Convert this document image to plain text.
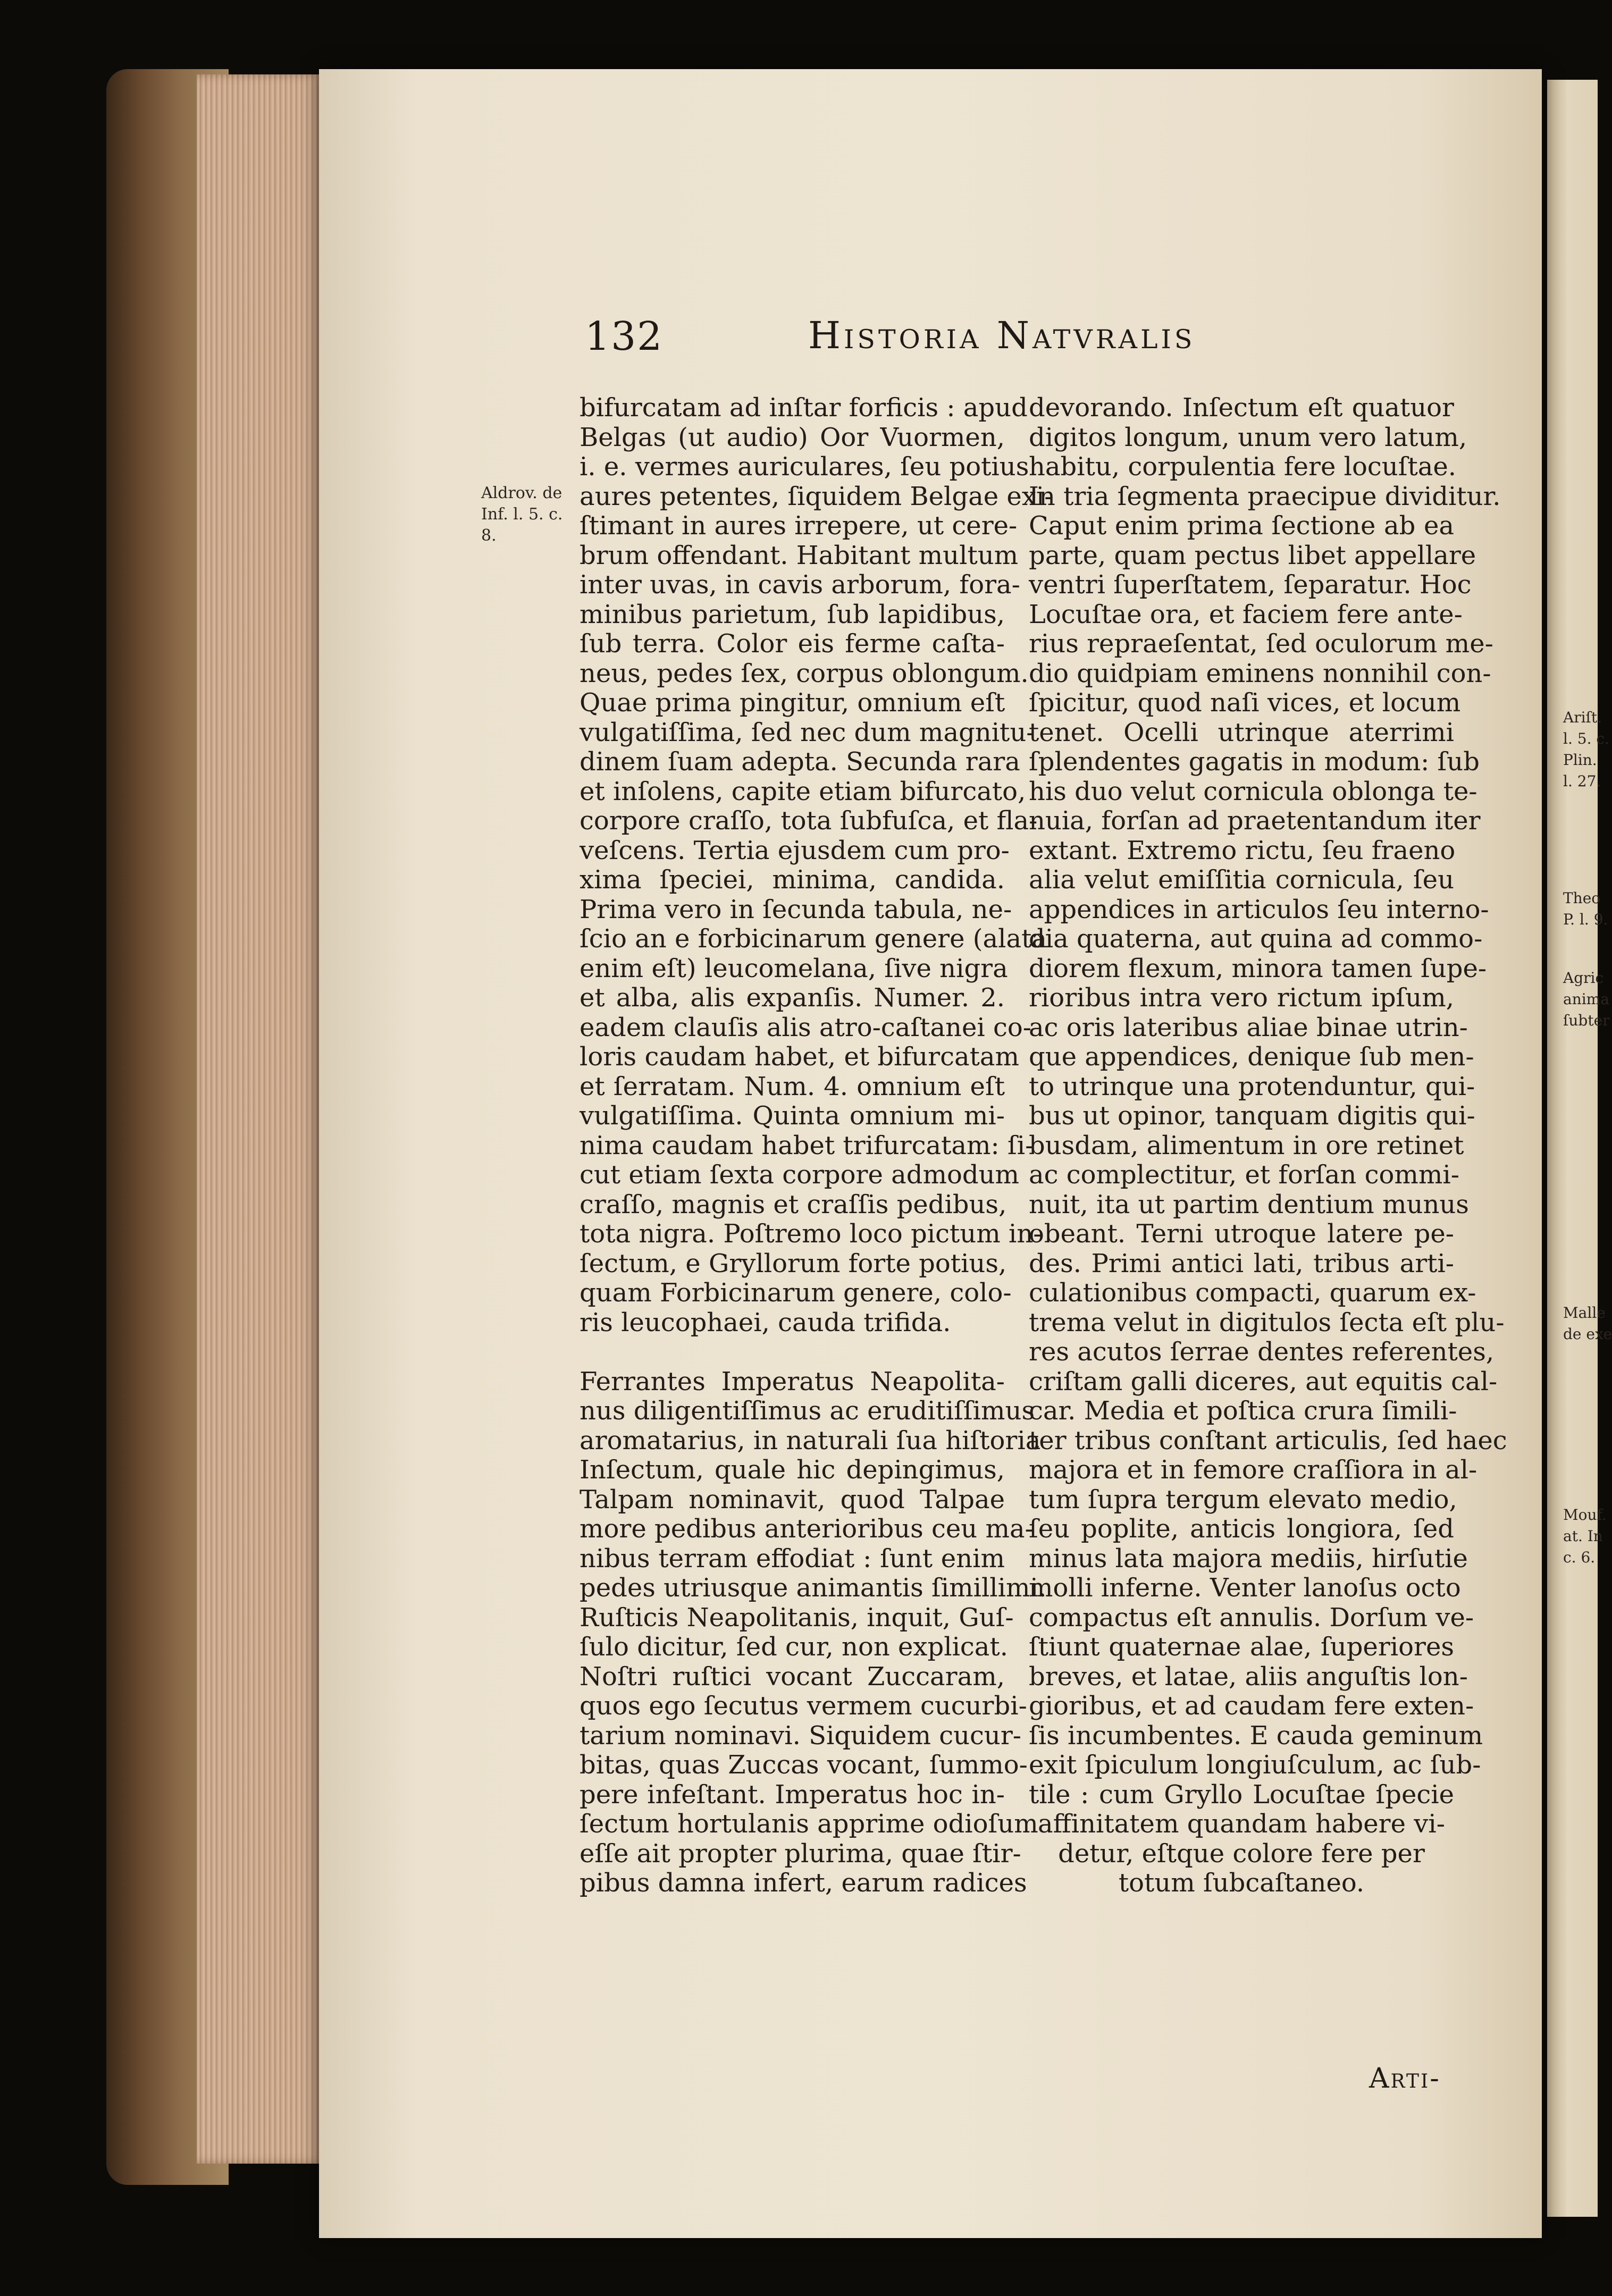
Ariſt.
l. 5. c.
Plin.
l. 27.
Theo
P. l. 9.
Agric
anima
ſubter
Malle
de exe
Mouf.
at. In
c. 6.
132	Historia Natvralis
Aldrov. de Inf. l. 5. c. 8.
bifurcatam ad inſtar forficis : apud
Belgas (ut audio) Oor Vuormen,
i. e. vermes auriculares, ſeu potius
aures petentes, ſiquidem Belgae exi-
ſtimant in aures irrepere, ut cere-
brum offendant. Habitant multum
inter uvas, in cavis arborum, fora-
minibus parietum, ſub lapidibus,
ſub terra. Color eis ferme caſta-
neus, pedes ſex, corpus oblongum.
Quae prima pingitur, omnium eſt
vulgatiſſima, ſed nec dum magnitu-
dinem ſuam adepta. Secunda rara
et inſolens, capite etiam bifurcato,
corpore craſſo, tota ſubfuſca, et fla-
veſcens. Tertia ejusdem cum pro-
xima ſpeciei, minima, candida.
Prima vero in ſecunda tabula, ne-
ſcio an e forbicinarum genere (alata
enim eſt) leucomelana, ſive nigra
et alba, alis expanſis. Numer. 2.
eadem clauſis alis atro-caſtanei co-
loris caudam habet, et bifurcatam
et ſerratam. Num. 4. omnium eſt
vulgatiſſima. Quinta omnium mi-
nima caudam habet trifurcatam: ſi-
cut etiam ſexta corpore admodum
craſſo, magnis et craſſis pedibus,
tota nigra. Poſtremo loco pictum in-
ſectum, e Gryllorum forte potius,
quam Forbicinarum genere, colo-
ris leucophaei, cauda trifida.
Ferrantes Imperatus Neapolita-
nus diligentiſſimus ac eruditiſſimus
aromatarius, in naturali ſua hiſtoria
Inſectum, quale hic depingimus,
Talpam nominavit, quod Talpae
more pedibus anterioribus ceu ma-
nibus terram effodiat : ſunt enim
pedes utriusque animantis ſimillimi.
Ruſticis Neapolitanis, inquit, Guſ-
ſulo dicitur, ſed cur, non explicat.
Noſtri ruſtici vocant Zuccaram,
quos ego ſecutus vermem cucurbi-
tarium nominavi. Siquidem cucur-
bitas, quas Zuccas vocant, ſummo-
pere infeſtant. Imperatus hoc in-
ſectum hortulanis apprime odioſum
eſſe ait propter plurima, quae ſtir-
pibus damna infert, earum radices
devorando. Inſectum eſt quatuor
digitos longum, unum vero latum,
habitu, corpulentia fere locuſtae.
In tria ſegmenta praecipue dividitur.
Caput enim prima ſectione ab ea
parte, quam pectus libet appellare
ventri ſuperſtatem, ſeparatur. Hoc
Locuſtae ora, et faciem fere ante-
rius repraeſentat, ſed oculorum me-
dio quidpiam eminens nonnihil con-
ſpicitur, quod naſi vices, et locum
tenet. Ocelli utrinque aterrimi
ſplendentes gagatis in modum: ſub
his duo velut cornicula oblonga te-
nuia, forſan ad praetentandum iter
extant. Extremo rictu, ſeu fraeno
alia velut emiſſitia cornicula, ſeu
appendices in articulos ſeu interno-
dia quaterna, aut quina ad commo-
diorem flexum, minora tamen ſupe-
rioribus intra vero rictum ipſum,
ac oris lateribus aliae binae utrin-
que appendices, denique ſub men-
to utrinque una protenduntur, qui-
bus ut opinor, tanquam digitis qui-
busdam, alimentum in ore retinet
ac complectitur, et forſan commi-
nuit, ita ut partim dentium munus
obeant. Terni utroque latere pe-
des. Primi antici lati, tribus arti-
culationibus compacti, quarum ex-
trema velut in digitulos ſecta eſt plu-
res acutos ſerrae dentes referentes,
criſtam galli diceres, aut equitis cal-
car. Media et poſtica crura ſimili-
ter tribus conſtant articulis, ſed haec
majora et in femore craſſiora in al-
tum ſupra tergum elevato medio,
ſeu poplite, anticis longiora, ſed
minus lata majora mediis, hirſutie
molli inferne. Venter lanoſus octo
compactus eſt annulis. Dorſum ve-
ſtiunt quaternae alae, ſuperiores
breves, et latae, aliis anguſtis lon-
gioribus, et ad caudam fere exten-
ſis incumbentes. E cauda geminum
exit ſpiculum longiuſculum, ac ſub-
tile : cum Gryllo Locuſtae ſpecie
affinitatem quandam habere vi-
detur, eſtque colore fere per
totum ſubcaſtaneo.
Arti-
